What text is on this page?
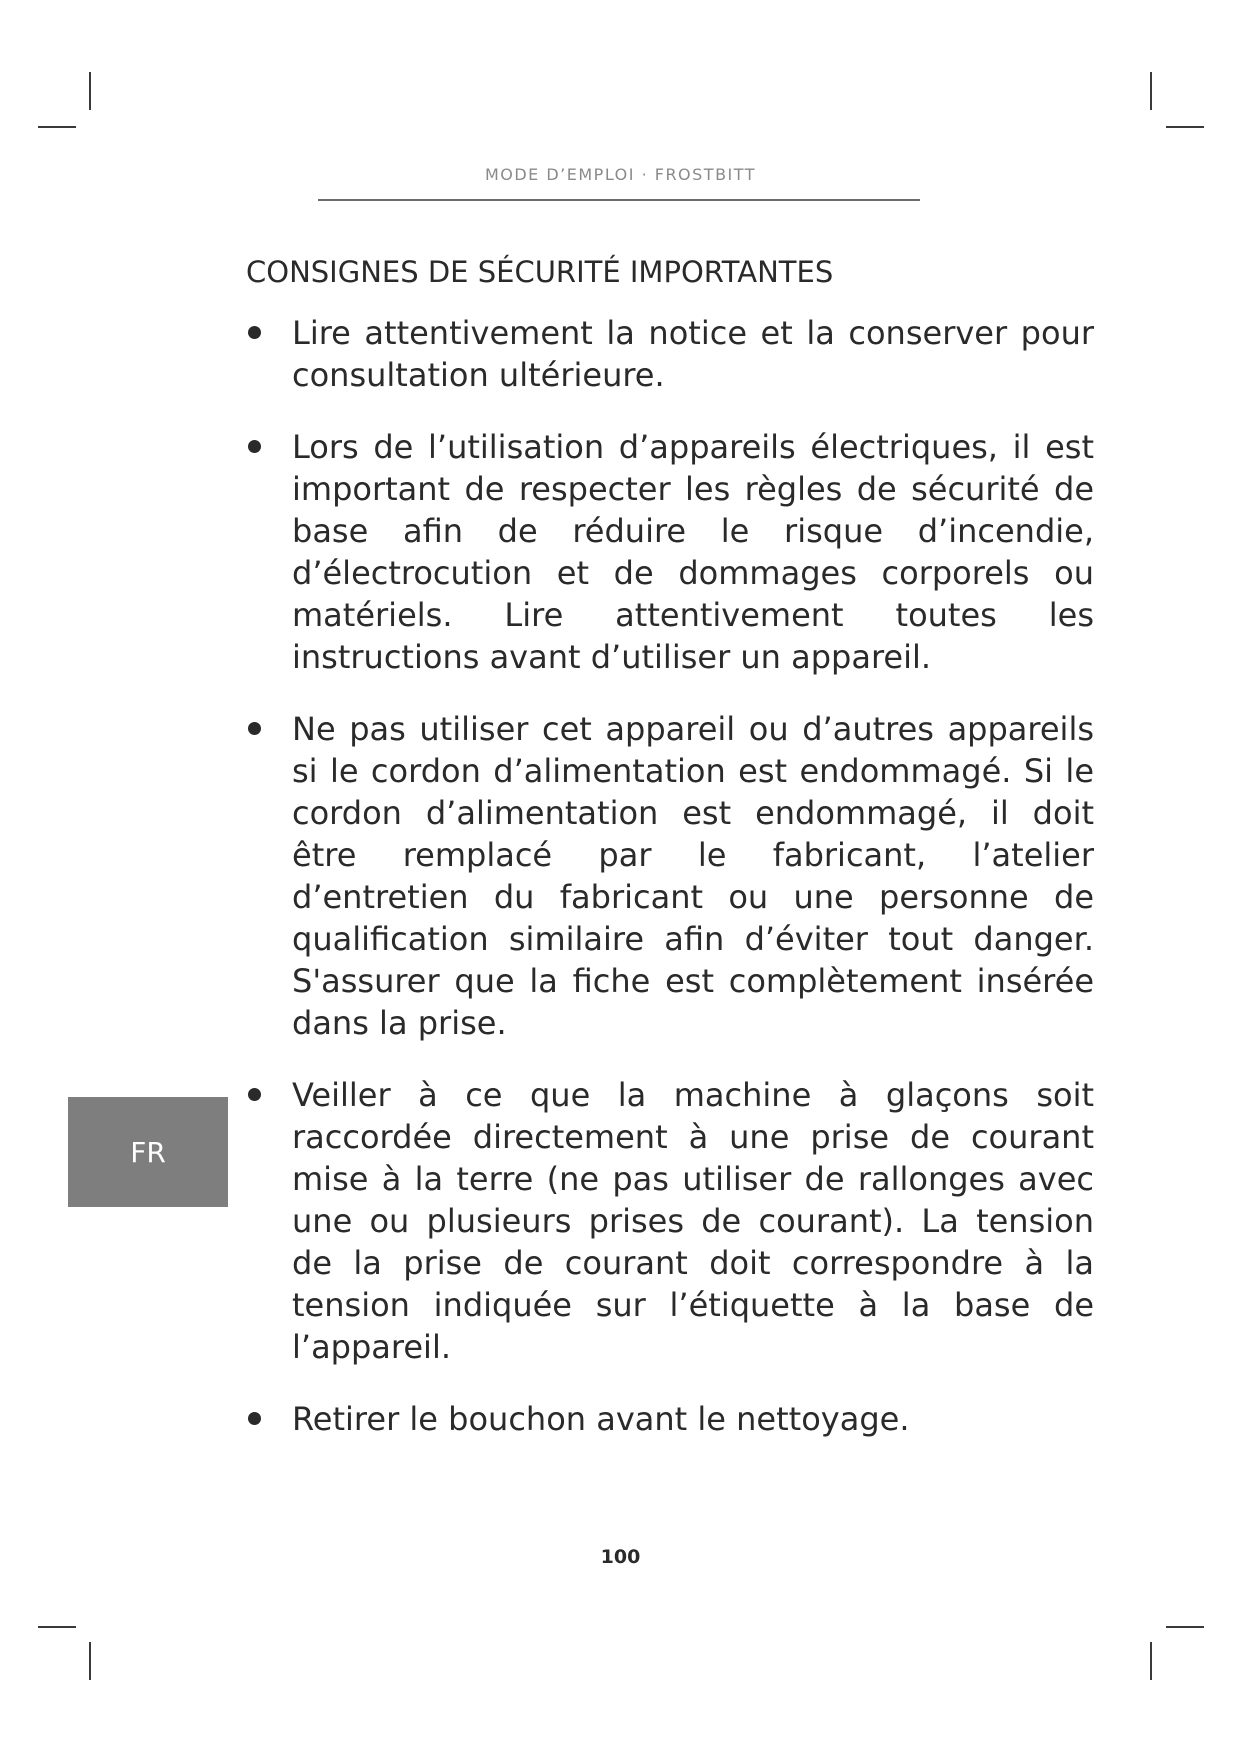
MODE D’EMPLOI · FROSTBITT
CONSIGNES DE SÉCURITÉ IMPORTANTES
Lire attentivement la notice et la conserver pour consultation ultérieure.
Lors de l’utilisation d’appareils électriques, il est important de respecter les règles de sécurité de base afin de réduire le risque d’incendie, d’électrocution et de dommages corporels ou matériels. Lire attentivement toutes les instructions avant d’utiliser un appareil.
Ne pas utiliser cet appareil ou d’autres appareils si le cordon d’alimentation est endommagé. Si le cordon d’alimentation est endommagé, il doit être remplacé par le fabricant, l’atelier d’entretien du fabricant ou une personne de qualification similaire afin d’éviter tout danger. S'assurer que la fiche est complètement insérée dans la prise.
Veiller à ce que la machine à glaçons soit raccordée directement à une prise de courant mise à la terre (ne pas utiliser de rallonges avec une ou plusieurs prises de courant). La tension de la prise de courant doit correspondre à la tension indiquée sur l’étiquette à la base de l’appareil.
Retirer le bouchon avant le nettoyage.
FR
100
